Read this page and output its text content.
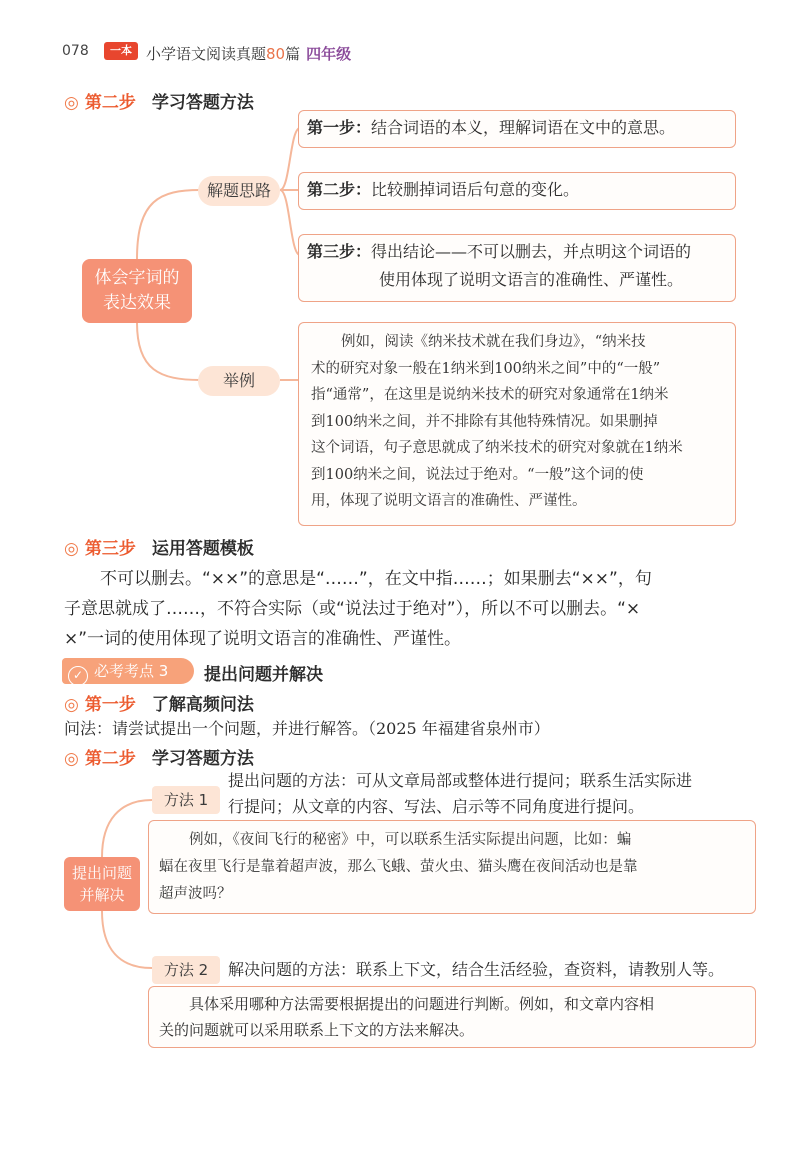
078	一本 小学语文阅读真题80篇 四年级
◎ 第二步 学习答题方法
体会字词的
表达效果
解题思路
举例
第一步：结合词语的本义，理解词语在文中的意思。
第二步：比较删掉词语后句意的变化。
第三步：得出结论——不可以删去，并点明这个词语的
使用体现了说明文语言的准确性、严谨性。
例如，阅读《纳米技术就在我们身边》，“纳米技
术的研究对象一般在1纳米到100纳米之间”中的“一般”
指“通常”，在这里是说纳米技术的研究对象通常在1纳米
到100纳米之间，并不排除有其他特殊情况。如果删掉
这个词语，句子意思就成了纳米技术的研究对象就在1纳米
到100纳米之间，说法过于绝对。“一般”这个词的使
用，体现了说明文语言的准确性、严谨性。
◎ 第三步 运用答题模板
不可以删去。“××”的意思是“……”，在文中指……；如果删去“××”，句
子意思就成了……，不符合实际（或“说法过于绝对”），所以不可以删去。“×
×”一词的使用体现了说明文语言的准确性、严谨性。
✓ 必考考点 3	提出问题并解决
◎ 第一步 了解高频问法
问法：请尝试提出一个问题，并进行解答。（2025 年福建省泉州市）
◎ 第二步 学习答题方法
提出问题
并解决
方法 1
提出问题的方法：可从文章局部或整体进行提问；联系生活实际进
行提问；从文章的内容、写法、启示等不同角度进行提问。
例如，《夜间飞行的秘密》中，可以联系生活实际提出问题，比如：蝙
蝠在夜里飞行是靠着超声波，那么飞蛾、萤火虫、猫头鹰在夜间活动也是靠
超声波吗？
方法 2	解决问题的方法：联系上下文，结合生活经验，查资料，请教别人等。
具体采用哪种方法需要根据提出的问题进行判断。例如，和文章内容相
关的问题就可以采用联系上下文的方法来解决。
